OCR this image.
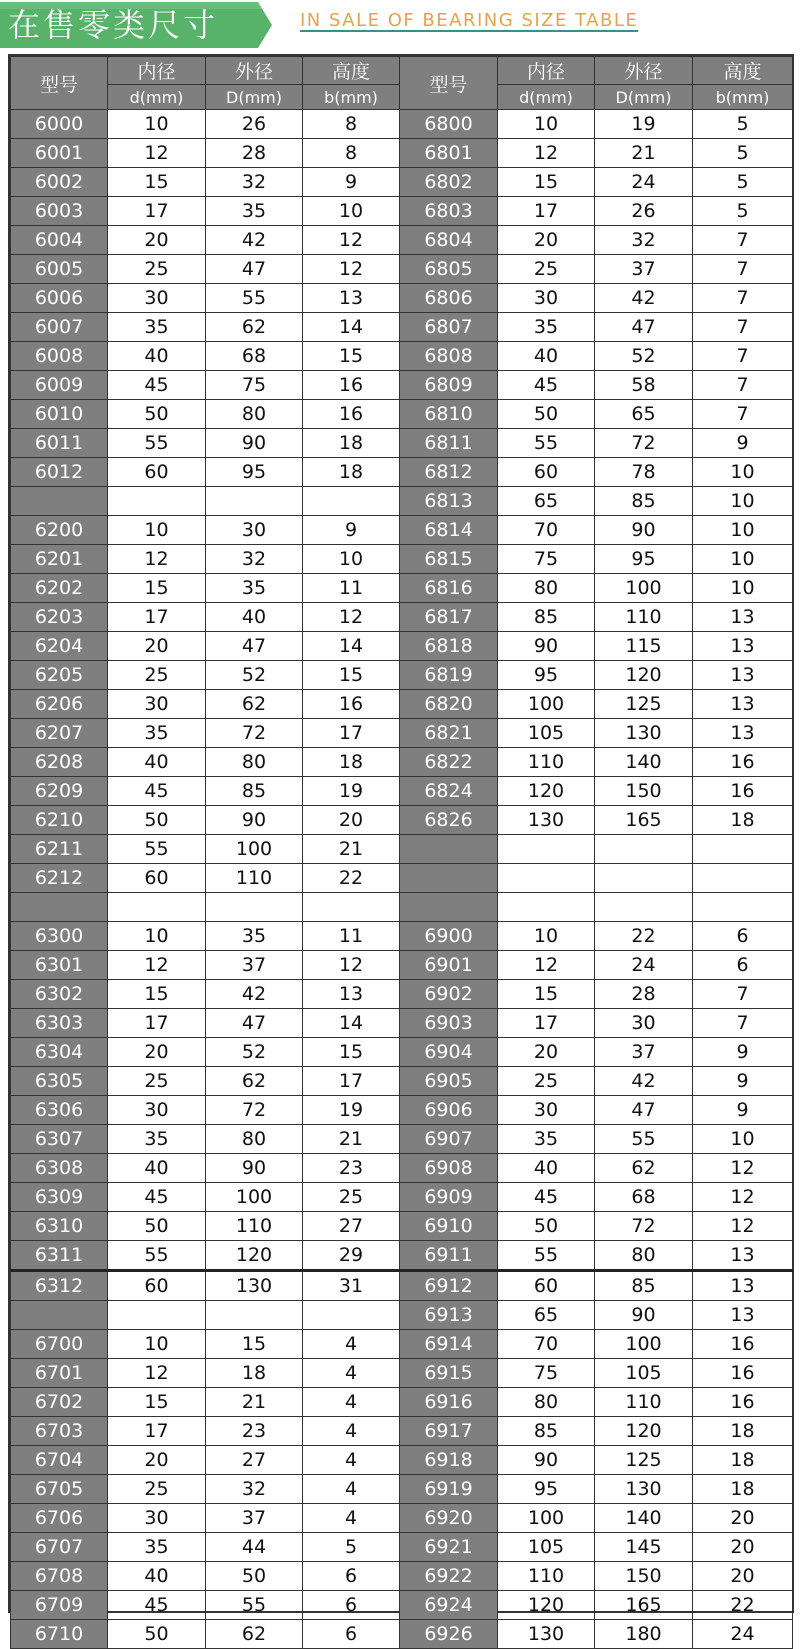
在售零类尺寸	IN SALE OF BEARING SIZE TABLE
型号	内径	外径	高度	型号	内径	外径	高度
	d(mm)	D(mm)	b(mm)		d(mm)	D(mm)	b(mm)
6000	10	26	8	6800	10	19	5
6001	12	28	8	6801	12	21	5
6002	15	32	9	6802	15	24	5
6003	17	35	10	6803	17	26	5
6004	20	42	12	6804	20	32	7
6005	25	47	12	6805	25	37	7
6006	30	55	13	6806	30	42	7
6007	35	62	14	6807	35	47	7
6008	40	68	15	6808	40	52	7
6009	45	75	16	6809	45	58	7
6010	50	80	16	6810	50	65	7
6011	55	90	18	6811	55	72	9
6012	60	95	18	6812	60	78	10
				6813	65	85	10
6200	10	30	9	6814	70	90	10
6201	12	32	10	6815	75	95	10
6202	15	35	11	6816	80	100	10
6203	17	40	12	6817	85	110	13
6204	20	47	14	6818	90	115	13
6205	25	52	15	6819	95	120	13
6206	30	62	16	6820	100	125	13
6207	35	72	17	6821	105	130	13
6208	40	80	18	6822	110	140	16
6209	45	85	19	6824	120	150	16
6210	50	90	20	6826	130	165	18
6211	55	100	21				
6212	60	110	22				

6300	10	35	11	6900	10	22	6
6301	12	37	12	6901	12	24	6
6302	15	42	13	6902	15	28	7
6303	17	47	14	6903	17	30	7
6304	20	52	15	6904	20	37	9
6305	25	62	17	6905	25	42	9
6306	30	72	19	6906	30	47	9
6307	35	80	21	6907	35	55	10
6308	40	90	23	6908	40	62	12
6309	45	100	25	6909	45	68	12
6310	50	110	27	6910	50	72	12
6311	55	120	29	6911	55	80	13
6312	60	130	31	6912	60	85	13
				6913	65	90	13
6700	10	15	4	6914	70	100	16
6701	12	18	4	6915	75	105	16
6702	15	21	4	6916	80	110	16
6703	17	23	4	6917	85	120	18
6704	20	27	4	6918	90	125	18
6705	25	32	4	6919	95	130	18
6706	30	37	4	6920	100	140	20
6707	35	44	5	6921	105	145	20
6708	40	50	6	6922	110	150	20
6709	45	55	6	6924	120	165	22
6710	50	62	6	6926	130	180	24
